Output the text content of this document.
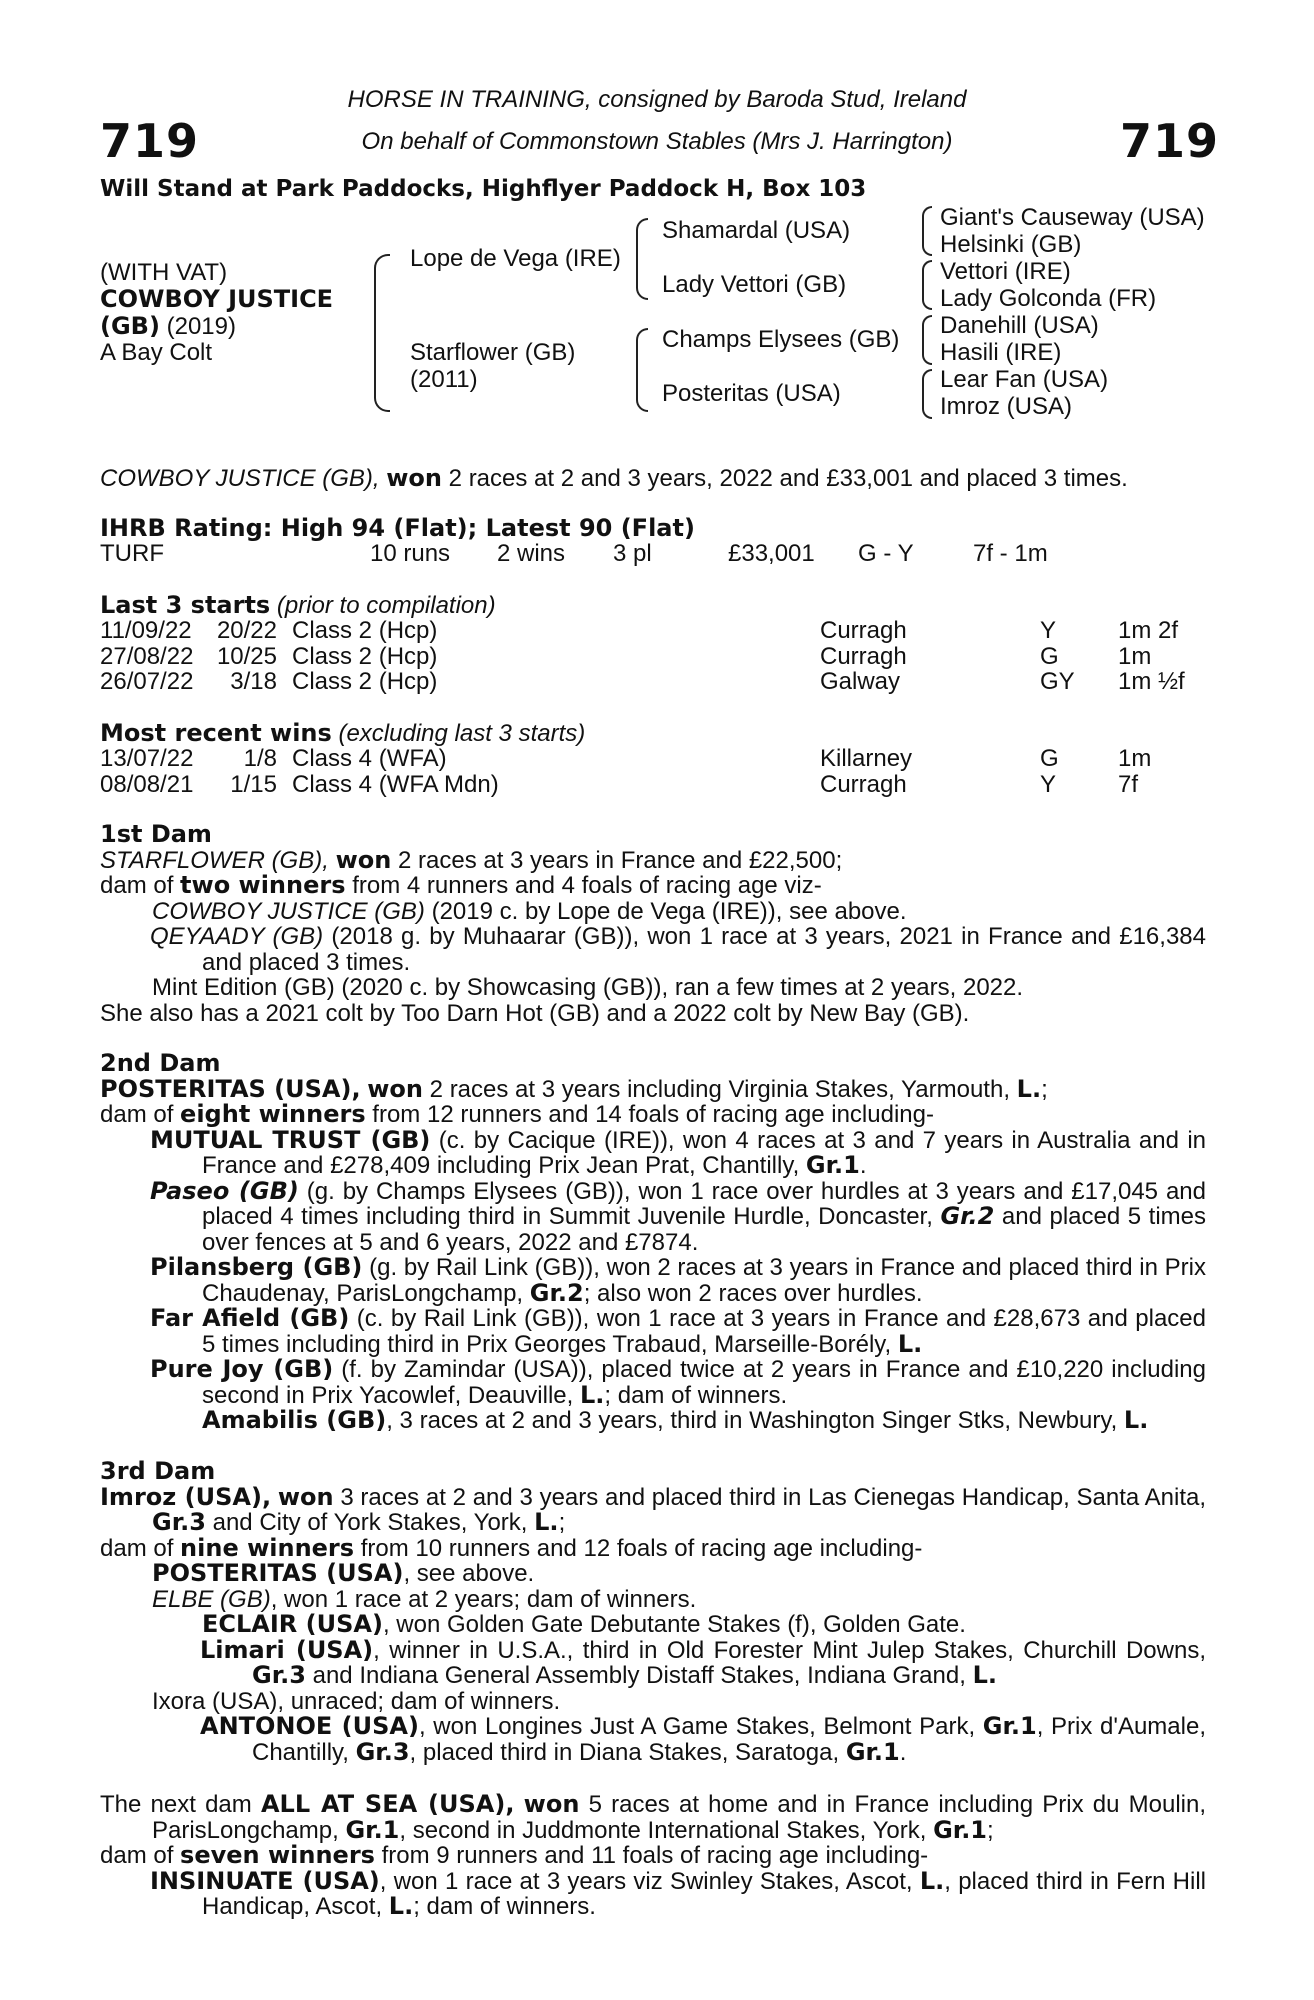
719	719
HORSE IN TRAINING, consigned by Baroda Stud, Ireland
On behalf of Commonstown Stables (Mrs J. Harrington)
Will Stand at Park Paddocks, Highflyer Paddock H, Box 103
(WITH VAT)
COWBOY JUSTICE
(GB) (2019)
A Bay Colt
Lope de Vega (IRE)
Starflower (GB)
(2011)
Shamardal (USA)
Lady Vettori (GB)
Champs Elysees (GB)
Posteritas (USA)
Giant's Causeway (USA)
Helsinki (GB)
Vettori (IRE)
Lady Golconda (FR)
Danehill (USA)
Hasili (IRE)
Lear Fan (USA)
Imroz (USA)
COWBOY JUSTICE (GB), won 2 races at 2 and 3 years, 2022 and £33,001 and placed 3 times.
IHRB Rating: High 94 (Flat); Latest 90 (Flat)
TURF	10 runs 2 wins 3 pl	£33,001 G - Y 7f - 1m
Last 3 starts (prior to compilation)
11/09/22	20/22 Class 2 (Hcp)	Curragh	Y	1m 2f
27/08/22 10/25 Class 2 (Hcp)	Curragh	G 1m
26/07/22	3/18 Class 2 (Hcp)	Galway	GY 1m ½f
Most recent wins (excluding last 3 starts)
13/07/22	1/8 Class 4 (WFA)	Killarney	G 1m
08/08/21	1/15 Class 4 (WFA Mdn)	Curragh	Y	7f

1st Dam

STARFLOWER (GB), won 2 races at 3 years in France and £22,500;

dam of two winners from 4 runners and 4 foals of racing age viz-

COWBOY JUSTICE (GB) (2019 c. by Lope de Vega (IRE)), see above.

QEYAADY (GB) (2018 g. by Muhaarar (GB)), won 1 race at 3 years, 2021 in France and £16,384 and placed 3 times.

Mint Edition (GB) (2020 c. by Showcasing (GB)), ran a few times at 2 years, 2022.

She also has a 2021 colt by Too Darn Hot (GB) and a 2022 colt by New Bay (GB).

2nd Dam

POSTERITAS (USA), won 2 races at 3 years including Virginia Stakes, Yarmouth, L.;

dam of eight winners from 12 runners and 14 foals of racing age including-

MUTUAL TRUST (GB) (c. by Cacique (IRE)), won 4 races at 3 and 7 years in Australia and in France and £278,409 including Prix Jean Prat, Chantilly, Gr.1.

Paseo (GB) (g. by Champs Elysees (GB)), won 1 race over hurdles at 3 years and £17,045 and placed 4 times including third in Summit Juvenile Hurdle, Doncaster, Gr.2 and placed 5 times over fences at 5 and 6 years, 2022 and £7874.

Pilansberg (GB) (g. by Rail Link (GB)), won 2 races at 3 years in France and placed third in Prix Chaudenay, ParisLongchamp, Gr.2; also won 2 races over hurdles.

Far Afield (GB) (c. by Rail Link (GB)), won 1 race at 3 years in France and £28,673 and placed 5 times including third in Prix Georges Trabaud, Marseille-Borély, L.

Pure Joy (GB) (f. by Zamindar (USA)), placed twice at 2 years in France and £10,220 including second in Prix Yacowlef, Deauville, L.; dam of winners.

Amabilis (GB), 3 races at 2 and 3 years, third in Washington Singer Stks, Newbury, L.

3rd Dam

Imroz (USA), won 3 races at 2 and 3 years and placed third in Las Cienegas Handicap, Santa Anita, Gr.3 and City of York Stakes, York, L.;

dam of nine winners from 10 runners and 12 foals of racing age including-

POSTERITAS (USA), see above.

ELBE (GB), won 1 race at 2 years; dam of winners.

ECLAIR (USA), won Golden Gate Debutante Stakes (f), Golden Gate.

Limari (USA), winner in U.S.A., third in Old Forester Mint Julep Stakes, Churchill Downs, Gr.3 and Indiana General Assembly Distaff Stakes, Indiana Grand, L.

Ixora (USA), unraced; dam of winners.

ANTONOE (USA), won Longines Just A Game Stakes, Belmont Park, Gr.1, Prix d'Aumale, Chantilly, Gr.3, placed third in Diana Stakes, Saratoga, Gr.1.

The next dam ALL AT SEA (USA), won 5 races at home and in France including Prix du Moulin, ParisLongchamp, Gr.1, second in Juddmonte International Stakes, York, Gr.1;

dam of seven winners from 9 runners and 11 foals of racing age including-

INSINUATE (USA), won 1 race at 3 years viz Swinley Stakes, Ascot, L., placed third in Fern Hill Handicap, Ascot, L.; dam of winners.
